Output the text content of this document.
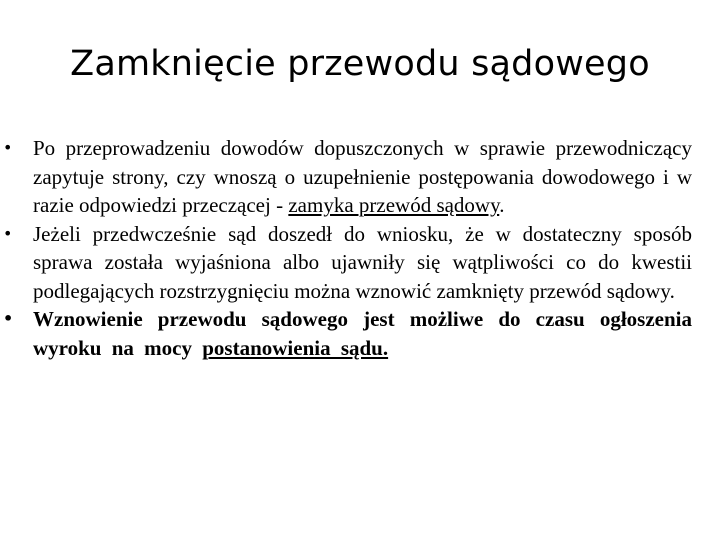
Zamknięcie przewodu sądowego
• Po przeprowadzeniu dowodów dopuszczonych w sprawie przewodniczący zapytuje strony, czy wnoszą o uzupełnienie postępowania dowodowego i w razie odpowiedzi przeczącej - zamyka przewód sądowy.
• Jeżeli przedwcześnie sąd doszedł do wniosku, że w dostateczny sposób sprawa została wyjaśniona albo ujawniły się wątpliwości co do kwestii podlegających rozstrzygnięciu można wznowić zamknięty przewód sądowy.
• Wznowienie przewodu sądowego jest możliwe do czasu ogłoszenia wyroku na mocy postanowienia sądu.
